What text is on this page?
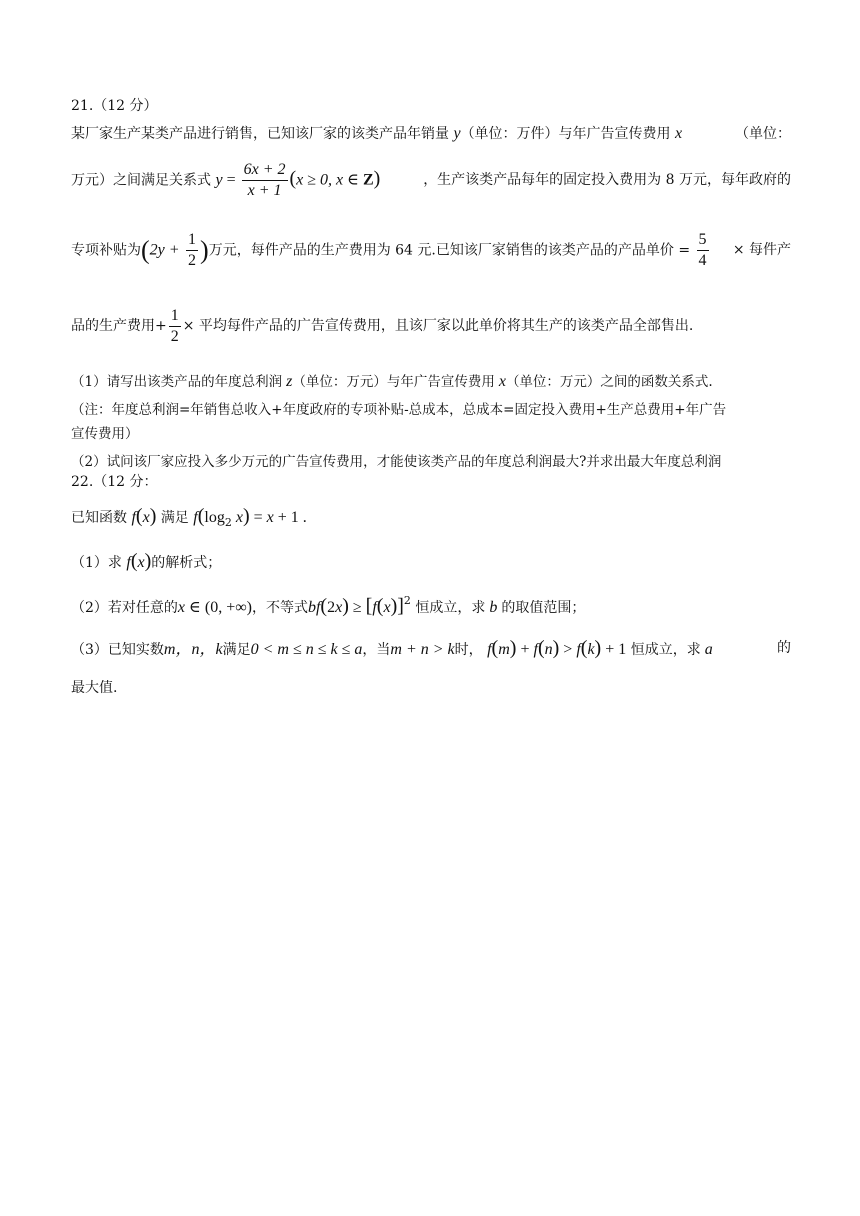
21.（12 分）
某厂家生产某类产品进行销售，已知该厂家的该类产品年销量 y（单位：万件）与年广告宣传费用 x	（单位：
万元）之间满足关系式 $y = \frac{6x + 2}{x + 1} (x \ge 0$, x ∈ Z)	，生产该类产品每年的固定投入费用为 8 万元，每年政府的
专项补贴为($2y + \frac{1}{2}$ )万元，每件产品的生产费用为 64 元.已知该厂家销售的该类产品的产品单价 = $\frac{5}{4}$ × 每件产
品的生产费用+ $\frac{1}{2}$ × 平均每件产品的广告宣传费用，且该厂家以此单价将其生产的该类产品全部售出.
（1）请写出该类产品的年度总利润 z（单位：万元）与年广告宣传费用 x（单位：万元）之间的函数关系式.
（注：年度总利润=年销售总收入+年度政府的专项补贴-总成本，总成本=固定投入费用+生产总费用+年广告
宣传费用）
（2）试问该厂家应投入多少万元的广告宣传费用，才能使该类产品的年度总利润最大?并求出最大年度总利润
22.（12 分：
已知函数 f(x) 满足 $f(\log_2$ x) = x + 1 .
（1）求 f(x)的解析式；
（2）若对任意的x ∈ (0, +∞)，不等式$bf(2x) \ge [f(x)]^2$ 恒成立，求 b 的取值范围；
（3）已知实数m，n，k满足0 < m ≤ n ≤ k ≤ a，当m + n > k时， f(m) + f(n) > f(k) + 1 恒成立，求 a	的
最大值.
